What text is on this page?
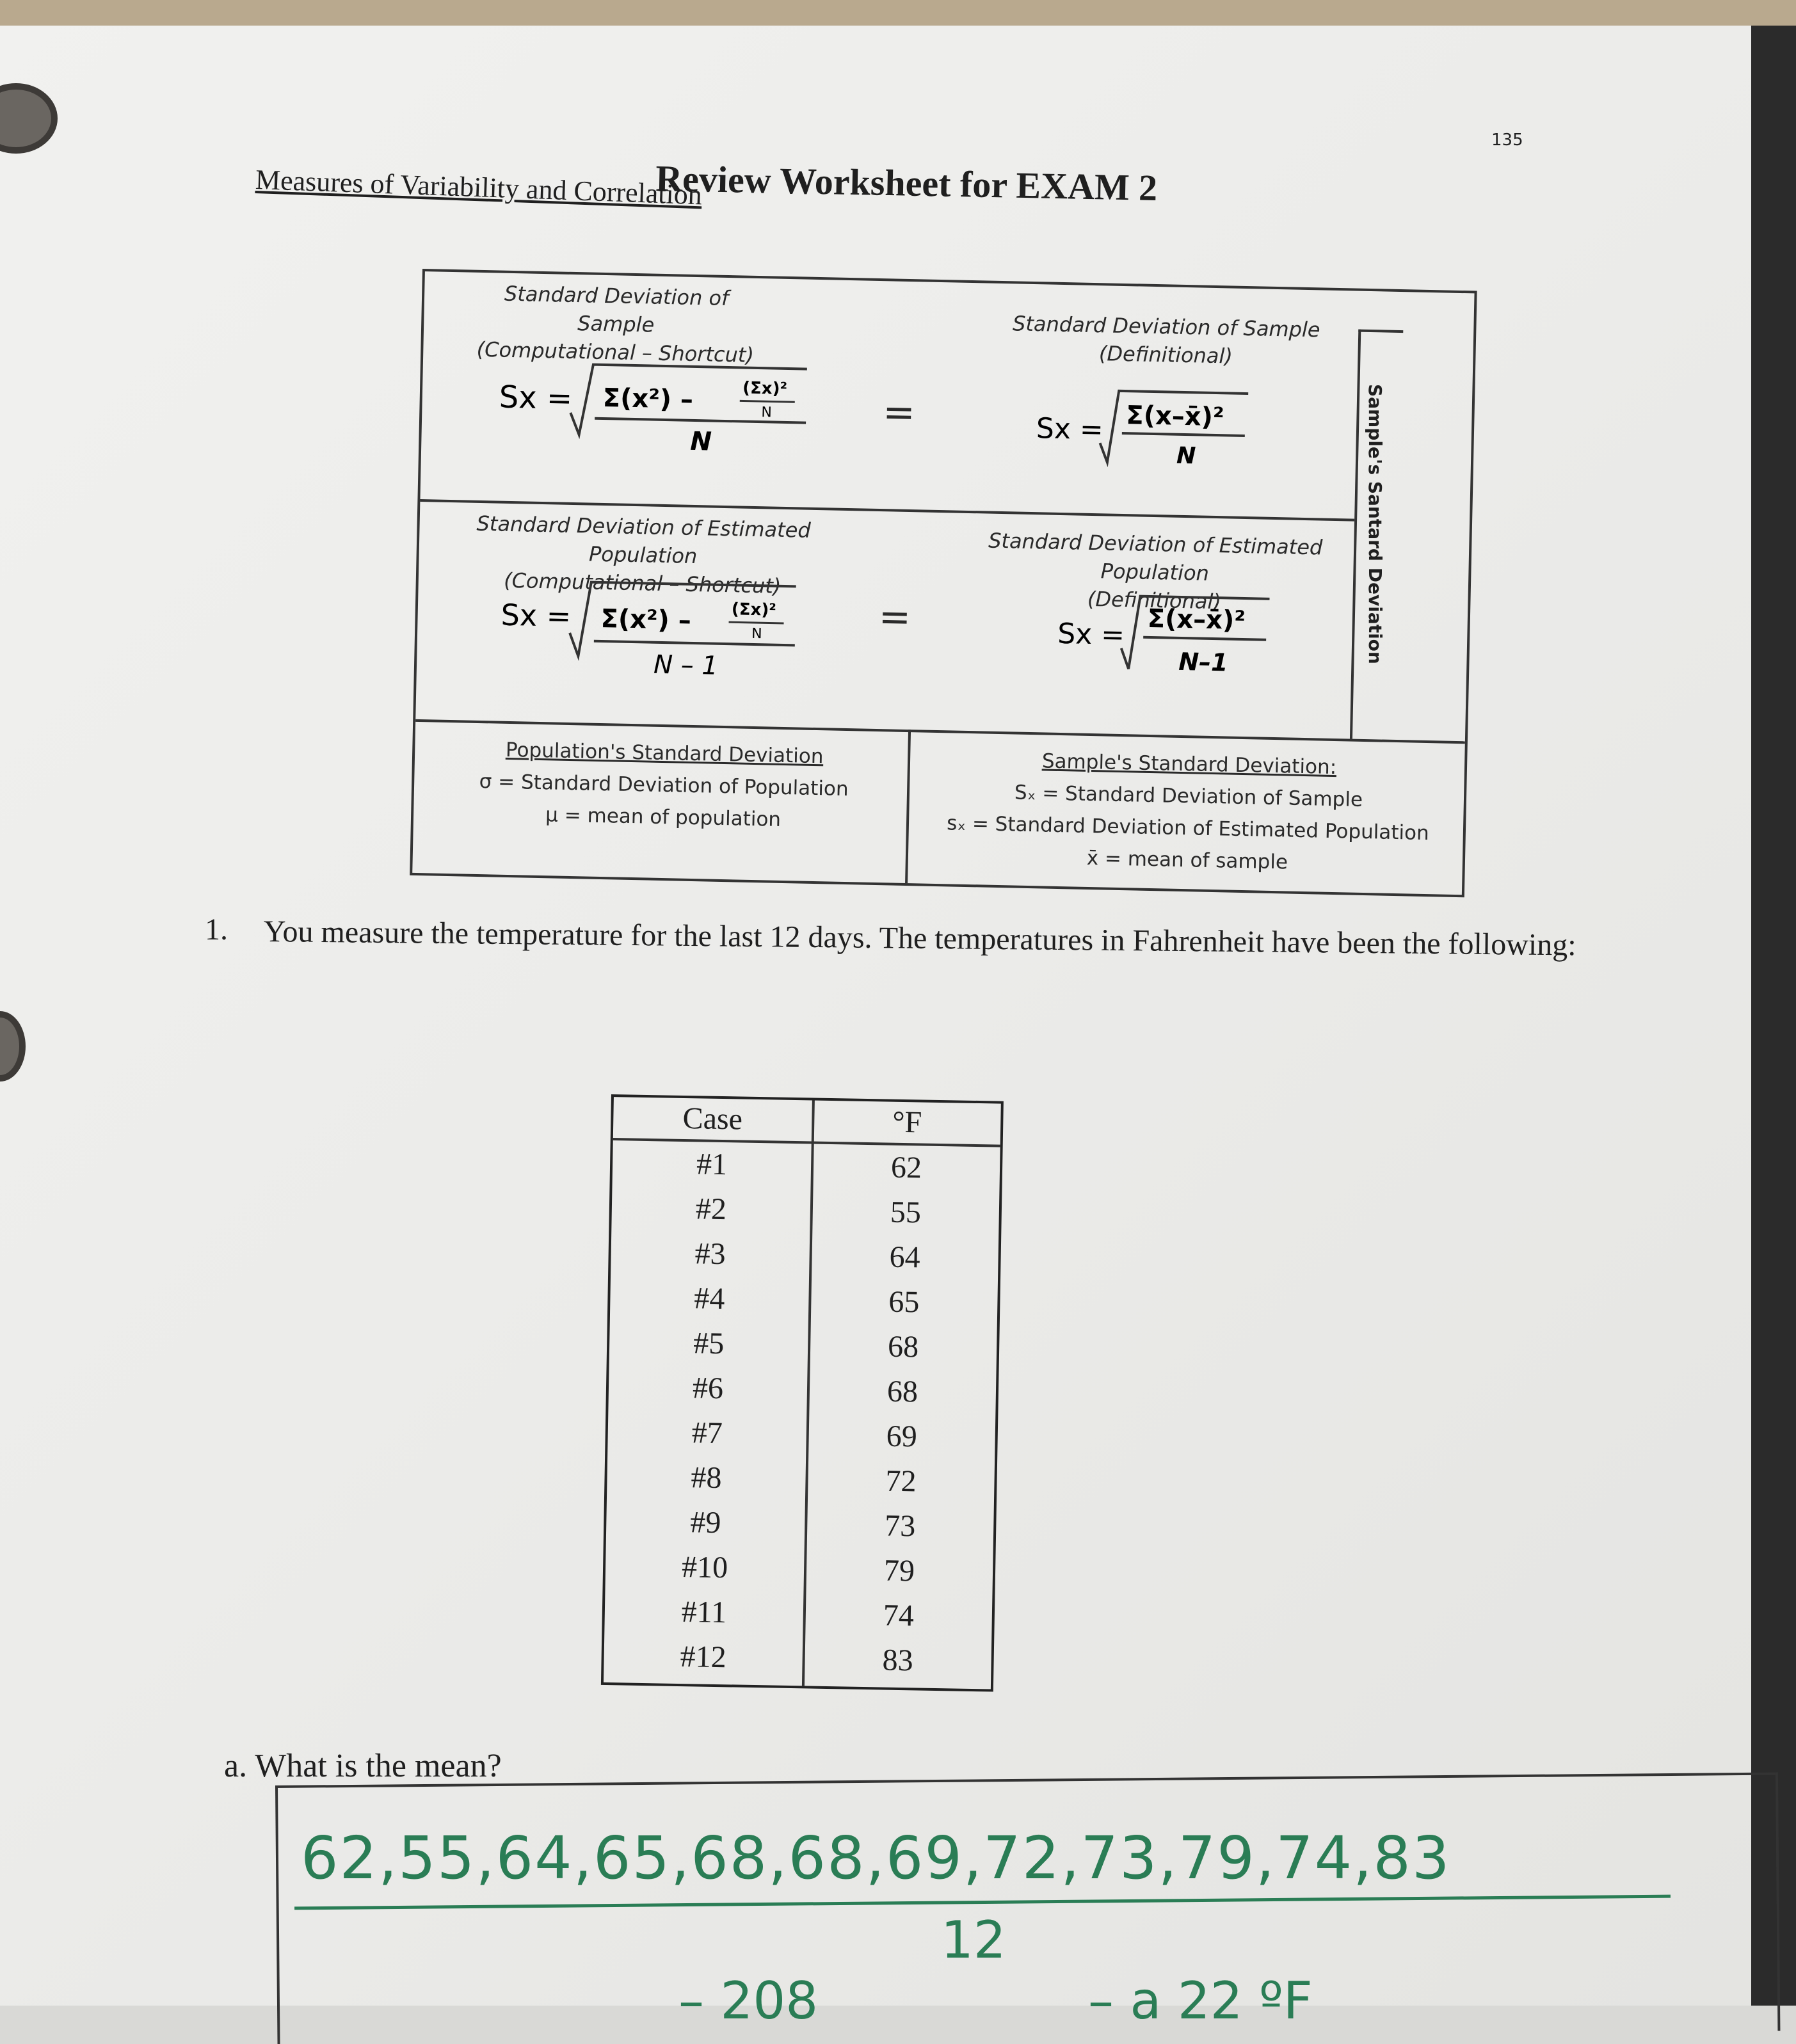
135
Review Worksheet for EXAM 2
Measures of Variability and Correlation
Standard Deviation of Sample
(Computational – Shortcut)
Standard Deviation of Sample
(Definitional)
Standard Deviation of Estimated Population
(Computational – Shortcut)
Standard Deviation of Estimated Population
(Definitional)
Sx = Σ(x²) –	(Σx)²
N
N
=	Sx = Σ(x–x̄)²
N
Sx = Σ(x²) – (Σx)²
N
N – 1
=	Sx = Σ(x–x̄)²
N–1
Population's Standard Deviation
σ = Standard Deviation of Population
μ = mean of population
Sample's Standard Deviation:
Sₓ = Standard Deviation of Sample
sₓ = Standard Deviation of Estimated Population
x̄ = mean of sample
Sample's Santard Deviation
1. You measure the temperature for the last 12 days. The temperatures in Fahrenheit have been the following:
Case	°F
#1	62
#2	55
#3	64
#4	65
#5	68
#6	68
#7	69
#8	72
#9	73
#10	79
#11	74
#12	83
a. What is the mean?
62,55,64,65,68,68,69,72,73,79,74,83
12
– 208	– a 22 ºF
